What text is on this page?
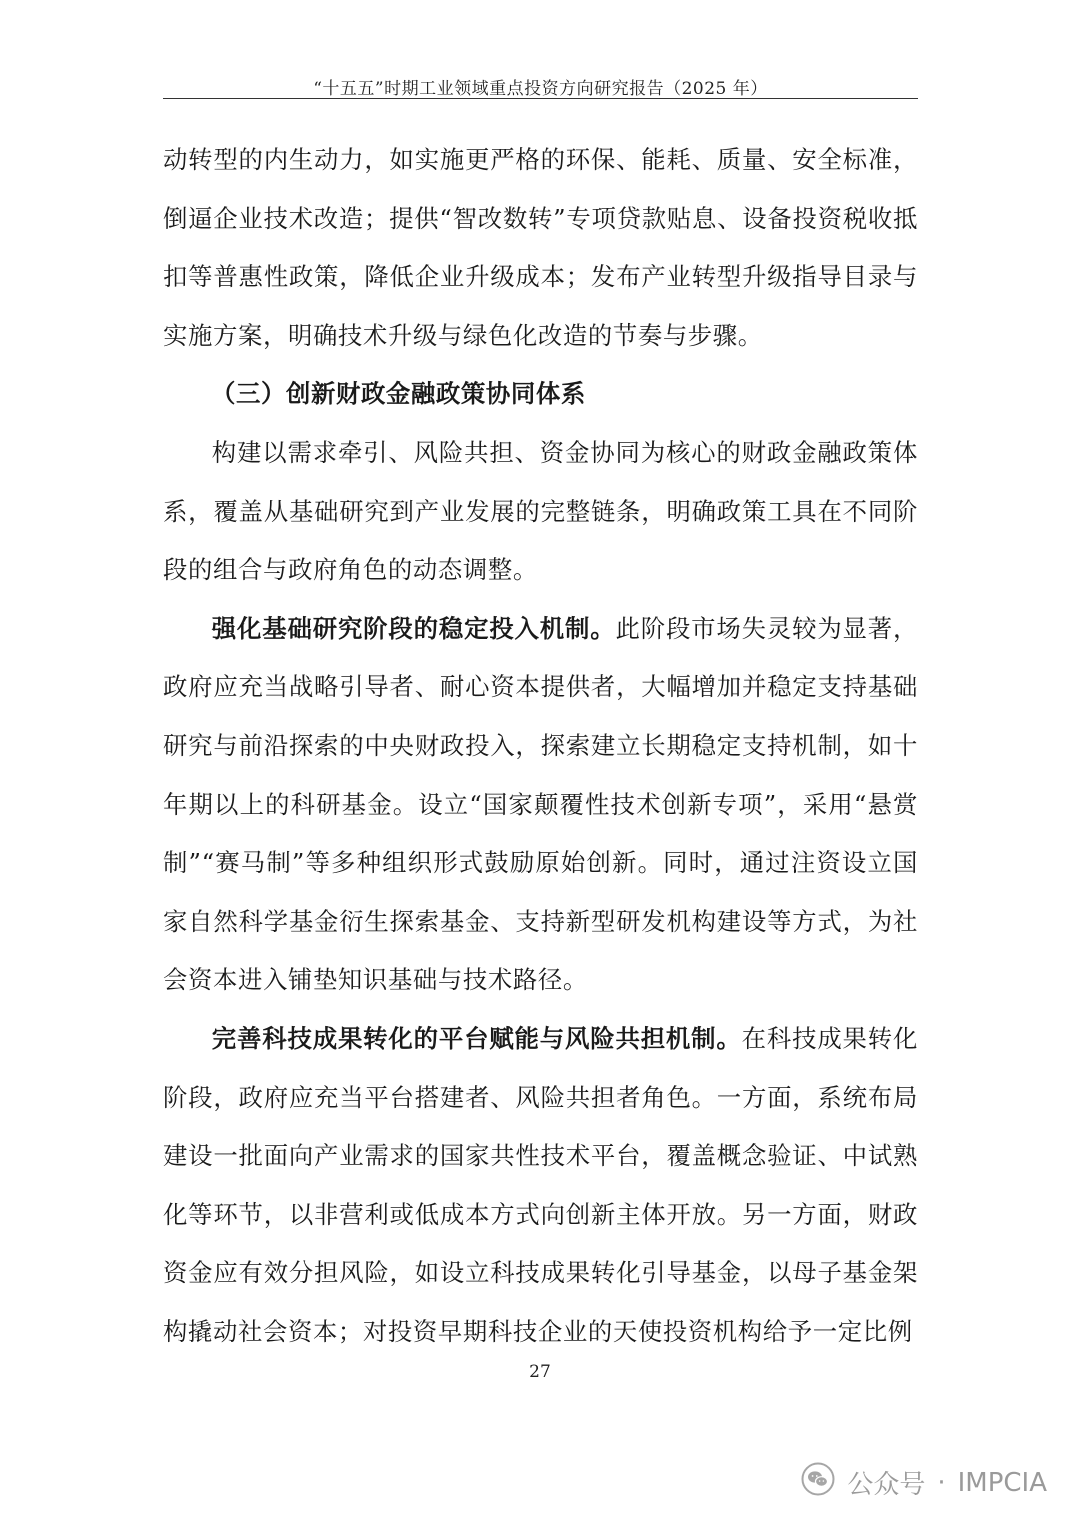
“十五五”时期工业领域重点投资方向研究报告（2025 年）

动转型的内生动力，如实施更严格的环保、能耗、质量、安全标准，倒逼企业技术改造；提供“智改数转”专项贷款贴息、设备投资税收抵扣等普惠性政策，降低企业升级成本；发布产业转型升级指导目录与实施方案，明确技术升级与绿色化改造的节奏与步骤。

（三）创新财政金融政策协同体系

构建以需求牵引、风险共担、资金协同为核心的财政金融政策体系，覆盖从基础研究到产业发展的完整链条，明确政策工具在不同阶段的组合与政府角色的动态调整。

强化基础研究阶段的稳定投入机制。此阶段市场失灵较为显著，政府应充当战略引导者、耐心资本提供者，大幅增加并稳定支持基础研究与前沿探索的中央财政投入，探索建立长期稳定支持机制，如十年期以上的科研基金。设立“国家颠覆性技术创新专项”，采用“悬赏制”“赛马制”等多种组织形式鼓励原始创新。同时，通过注资设立国家自然科学基金衍生探索基金、支持新型研发机构建设等方式，为社会资本进入铺垫知识基础与技术路径。

完善科技成果转化的平台赋能与风险共担机制。在科技成果转化阶段，政府应充当平台搭建者、风险共担者角色。一方面，系统布局建设一批面向产业需求的国家共性技术平台，覆盖概念验证、中试熟化等环节，以非营利或低成本方式向创新主体开放。另一方面，财政资金应有效分担风险，如设立科技成果转化引导基金，以母子基金架构撬动社会资本；对投资早期科技企业的天使投资机构给予一定比例

27
公众号 · IMPCIA
